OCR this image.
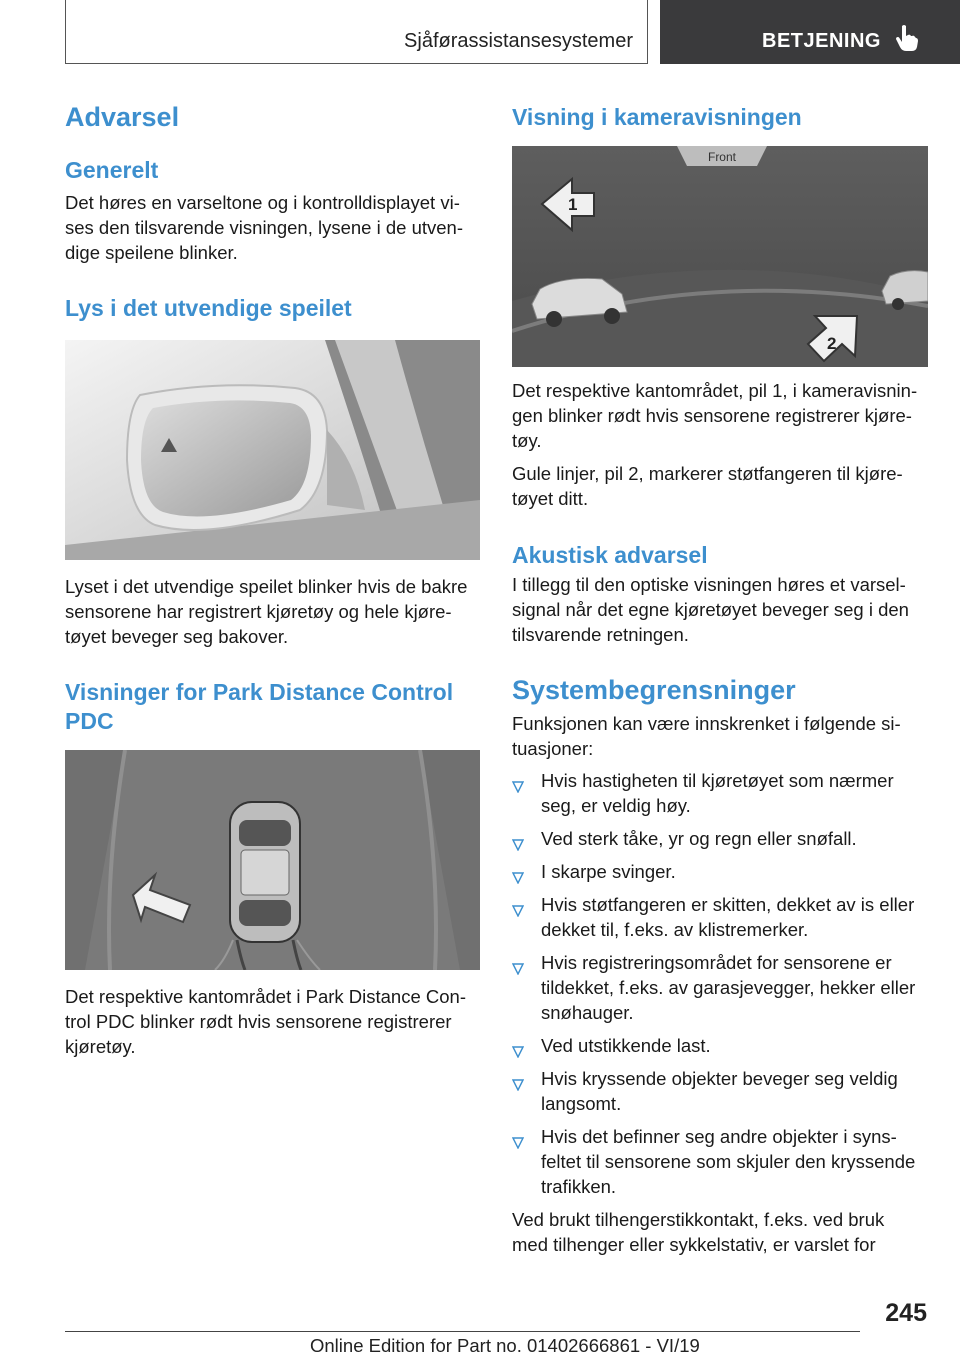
Sjåførassistansesystemer	BETJENING
Advarsel
Generelt

Det høres en varseltone og i kontrolldisplayet vi-
ses den tilsvarende visningen, lysene i de utven-
dige speilene blinker.

Lys i det utvendige speilet

Lyset i det utvendige speilet blinker hvis de bakre
sensorene har registrert kjøretøy og hele kjøre-
tøyet beveger seg bakover.

Visninger for Park Distance Control
PDC

Det respektive kantområdet i Park Distance Con-
trol PDC blinker rødt hvis sensorene registrerer
kjøretøy.

Visning i kameravisningen
Front
1
2

Det respektive kantområdet, pil 1, i kameravisnin-
gen blinker rødt hvis sensorene registrerer kjøre-
tøy.

Gule linjer, pil 2, markerer støtfangeren til kjøre-
tøyet ditt.

Akustisk advarsel

I tillegg til den optiske visningen høres et varsel-
signal når det egne kjøretøyet beveger seg i den
tilsvarende retningen.

Systembegrensninger

Funksjonen kan være innskrenket i følgende si-
tuasjoner:

Hvis hastigheten til kjøretøyet som nærmer
seg, er veldig høy.
Ved sterk tåke, yr og regn eller snøfall.
I skarpe svinger.
Hvis støtfangeren er skitten, dekket av is eller
dekket til, f.eks. av klistremerker.
Hvis registreringsområdet for sensorene er
tildekket, f.eks. av garasjevegger, hekker eller
snøhauger.
Ved utstikkende last.
Hvis kryssende objekter beveger seg veldig
langsomt.
Hvis det befinner seg andre objekter i syns-
feltet til sensorene som skjuler den kryssende
trafikken.

Ved brukt tilhengerstikkontakt, f.eks. ved bruk
med tilhenger eller sykkelstativ, er varslet for

245
Online Edition for Part no. 01402666861 - VI/19
